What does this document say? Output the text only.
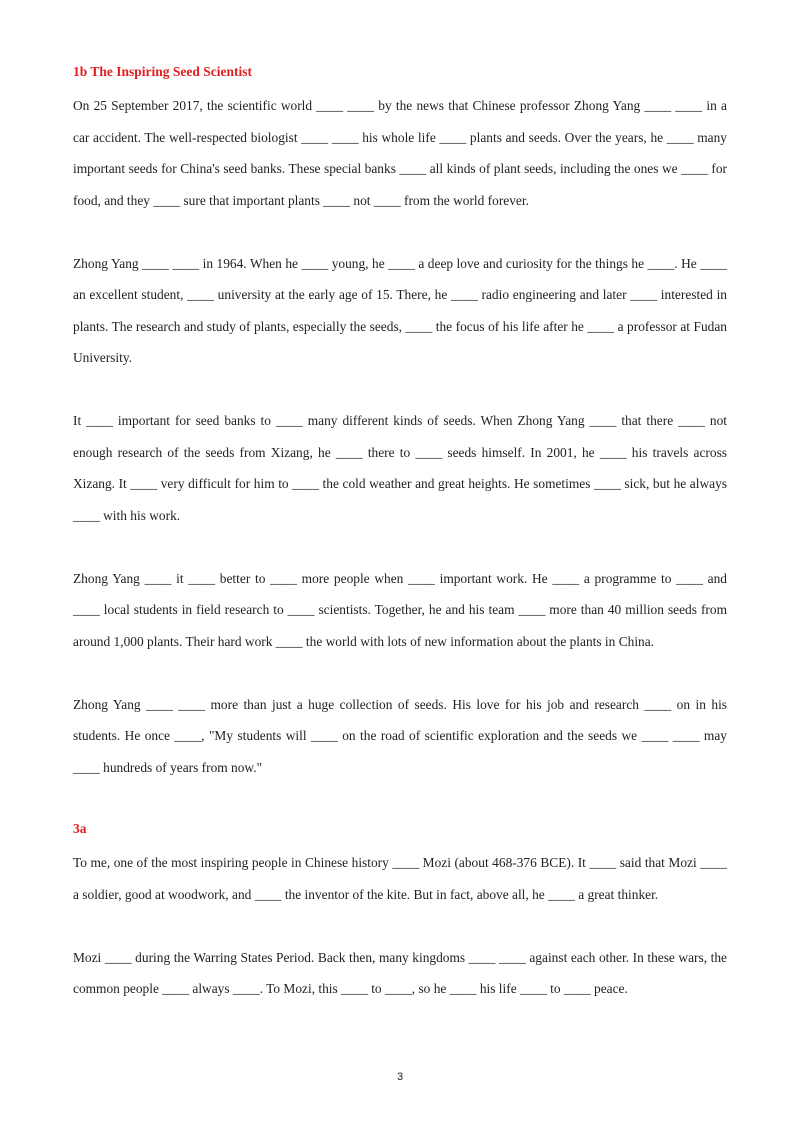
1b The Inspiring Seed Scientist

On 25 September 2017, the scientific world ____ ____ by the news that Chinese professor Zhong Yang ____ ____ in a car accident. The well-respected biologist ____ ____ his whole life ____ plants and seeds. Over the years, he ____ many important seeds for China's seed banks. These special banks ____ all kinds of plant seeds, including the ones we ____ for food, and they ____ sure that important plants ____ not ____ from the world forever.

Zhong Yang ____ ____ in 1964. When he ____ young, he ____ a deep love and curiosity for the things he ____. He ____ an excellent student, ____ university at the early age of 15. There, he ____ radio engineering and later ____ interested in plants. The research and study of plants, especially the seeds, ____ the focus of his life after he ____ a professor at Fudan University.

It ____ important for seed banks to ____ many different kinds of seeds. When Zhong Yang ____ that there ____ not enough research of the seeds from Xizang, he ____ there to ____ seeds himself. In 2001, he ____ his travels across Xizang. It ____ very difficult for him to ____ the cold weather and great heights. He sometimes ____ sick, but he always ____ with his work.

Zhong Yang ____ it ____ better to ____ more people when ____ important work. He ____ a programme to ____ and ____ local students in field research to ____ scientists. Together, he and his team ____ more than 40 million seeds from around 1,000 plants. Their hard work ____ the world with lots of new information about the plants in China.

Zhong Yang ____ ____ more than just a huge collection of seeds. His love for his job and research ____ on in his students. He once ____, "My students will ____ on the road of scientific exploration and the seeds we ____ ____ may ____ hundreds of years from now."

3a

To me, one of the most inspiring people in Chinese history ____ Mozi (about 468-376 BCE). It ____ said that Mozi ____ a soldier, good at woodwork, and ____ the inventor of the kite. But in fact, above all, he ____ a great thinker.

Mozi ____ during the Warring States Period. Back then, many kingdoms ____ ____ against each other. In these wars, the common people ____ always ____. To Mozi, this ____ to ____, so he ____ his life ____ to ____ peace.

3
